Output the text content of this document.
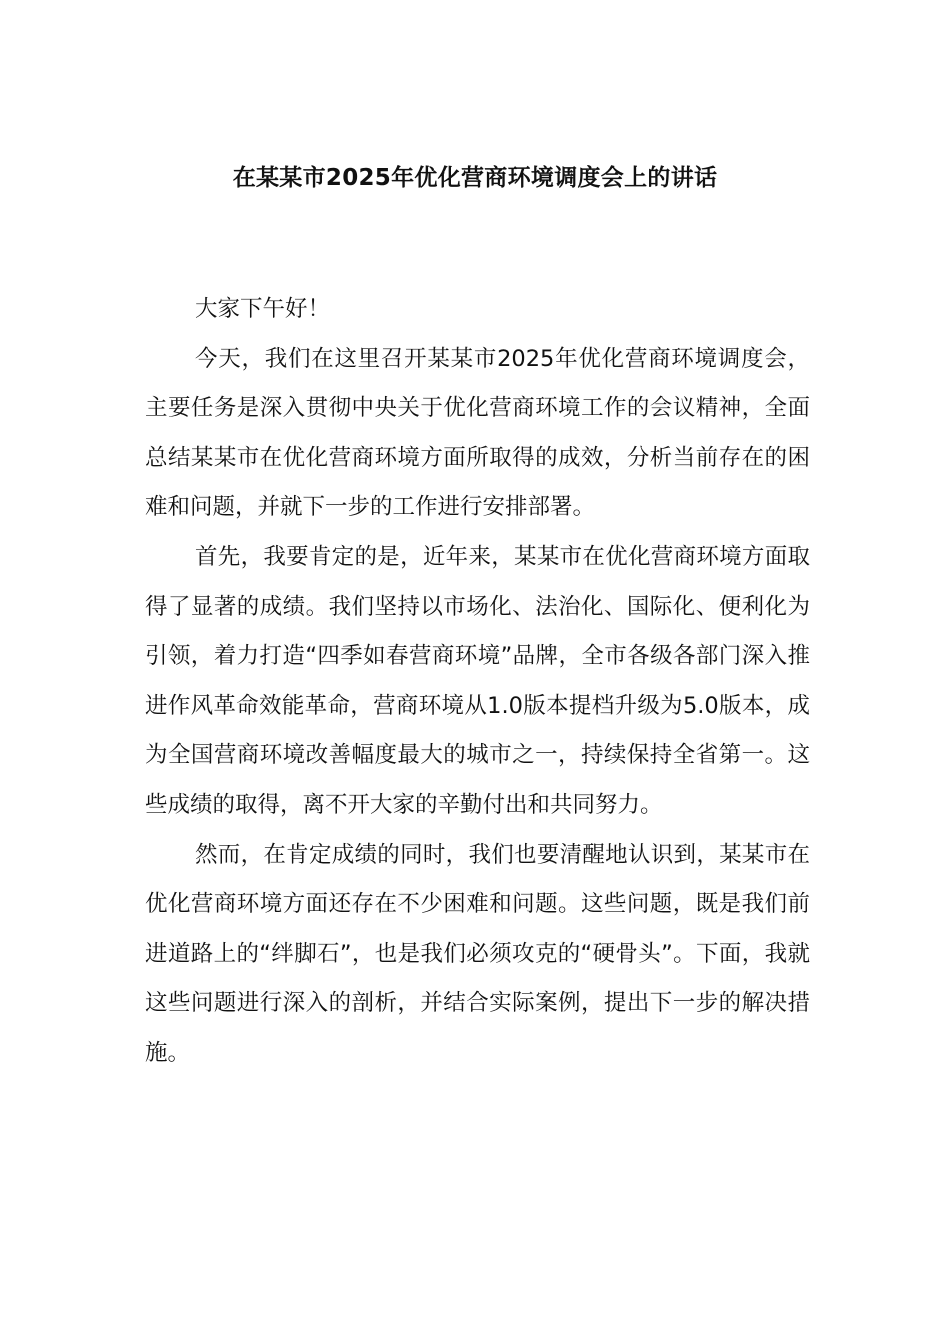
在某某市2025年优化营商环境调度会上的讲话

大家下午好！

今天，我们在这里召开某某市2025年优化营商环境调度会，主要任务是深入贯彻中央关于优化营商环境工作的会议精神，全面总结某某市在优化营商环境方面所取得的成效，分析当前存在的困难和问题，并就下一步的工作进行安排部署。

首先，我要肯定的是，近年来，某某市在优化营商环境方面取得了显著的成绩。我们坚持以市场化、法治化、国际化、便利化为引领，着力打造“四季如春营商环境”品牌，全市各级各部门深入推进作风革命效能革命，营商环境从1.0版本提档升级为5.0版本，成为全国营商环境改善幅度最大的城市之一，持续保持全省第一。这些成绩的取得，离不开大家的辛勤付出和共同努力。

然而，在肯定成绩的同时，我们也要清醒地认识到，某某市在优化营商环境方面还存在不少困难和问题。这些问题，既是我们前进道路上的“绊脚石”，也是我们必须攻克的“硬骨头”。下面，我就这些问题进行深入的剖析，并结合实际案例，提出下一步的解决措施。
